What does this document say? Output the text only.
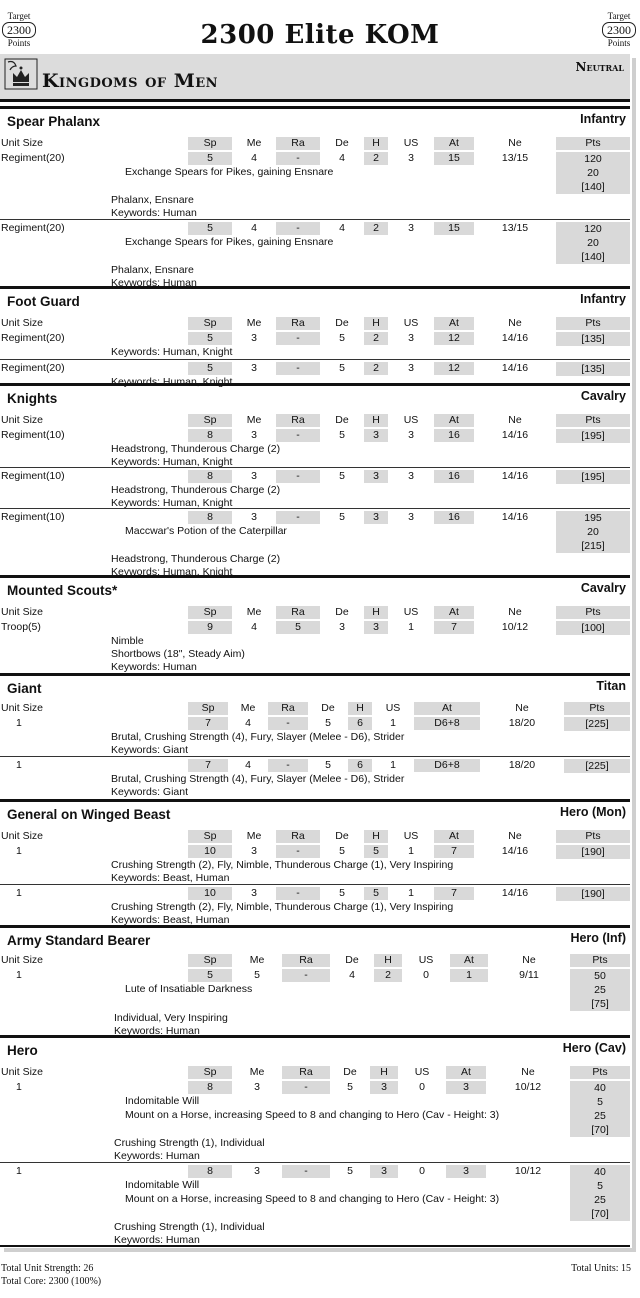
Target
2300
Points
Target
2300
Points
2300 Elite KOM
Kingdoms of Men
Neutral
Spear Phalanx	Infantry
Unit Size	Sp	Me	Ra	De	H	US	At	Ne	Pts
Regiment(20)	5	4	-	4	2	3	15	13/15	120
20
[140]
Exchange Spears for Pikes, gaining Ensnare
Phalanx, Ensnare
Keywords: Human
Regiment(20)	5	4	-	4	2	3	15	13/15	120
20
[140]
Exchange Spears for Pikes, gaining Ensnare
Phalanx, Ensnare
Keywords: Human
Foot Guard	Infantry
Unit Size	Sp	Me	Ra	De	H	US	At	Ne	Pts
Regiment(20)	5	3	-	5	2	3	12	14/16	[135]
Keywords: Human, Knight
Regiment(20)	5	3	-	5	2	3	12	14/16	[135]
Keywords: Human, Knight
Knights	Cavalry
Unit Size	Sp	Me	Ra	De	H	US	At	Ne	Pts
Regiment(10)	8	3	-	5	3	3	16	14/16	[195]
Headstrong, Thunderous Charge (2)
Keywords: Human, Knight
Regiment(10)	8	3	-	5	3	3	16	14/16	[195]
Headstrong, Thunderous Charge (2)
Keywords: Human, Knight
Regiment(10)	8	3	-	5	3	3	16	14/16	195
20
[215]
Maccwar's Potion of the Caterpillar
Headstrong, Thunderous Charge (2)
Keywords: Human, Knight
Mounted Scouts*	Cavalry
Unit Size	Sp	Me	Ra	De	H	US	At	Ne	Pts
Troop(5)	9	4	5	3	3	1	7	10/12	[100]
Nimble
Shortbows (18", Steady Aim)
Keywords: Human
Giant	Titan
Unit Size	Sp	Me	Ra	De	H	US	At	Ne	Pts
1	7	4	-	5	6	1	D6+8	18/20	[225]
Brutal, Crushing Strength (4), Fury, Slayer (Melee - D6), Strider
Keywords: Giant
1	7	4	-	5	6	1	D6+8	18/20	[225]
Brutal, Crushing Strength (4), Fury, Slayer (Melee - D6), Strider
Keywords: Giant
General on Winged Beast	Hero (Mon)
Unit Size	Sp	Me	Ra	De	H	US	At	Ne	Pts
1	10	3	-	5	5	1	7	14/16	[190]
Crushing Strength (2), Fly, Nimble, Thunderous Charge (1), Very Inspiring
Keywords: Beast, Human
1	10	3	-	5	5	1	7	14/16	[190]
Crushing Strength (2), Fly, Nimble, Thunderous Charge (1), Very Inspiring
Keywords: Beast, Human
Army Standard Bearer	Hero (Inf)
Unit Size	Sp	Me	Ra	De	H	US	At	Ne	Pts
1	5	5	-	4	2	0	1	9/11	50
25
[75]
Lute of Insatiable Darkness
Individual, Very Inspiring
Keywords: Human
Hero	Hero (Cav)
Unit Size	Sp	Me	Ra	De	H	US	At	Ne	Pts
1	8	3	-	5	3	0	3	10/12	40
5
25
[70]
Indomitable Will
Mount on a Horse, increasing Speed to 8 and changing to Hero (Cav - Height: 3)
Crushing Strength (1), Individual
Keywords: Human
1	8	3	-	5	3	0	3	10/12	40
5
25
[70]
Indomitable Will
Mount on a Horse, increasing Speed to 8 and changing to Hero (Cav - Height: 3)
Crushing Strength (1), Individual
Keywords: Human
Total Unit Strength: 26
Total Core: 2300 (100%)
Total Units: 15
